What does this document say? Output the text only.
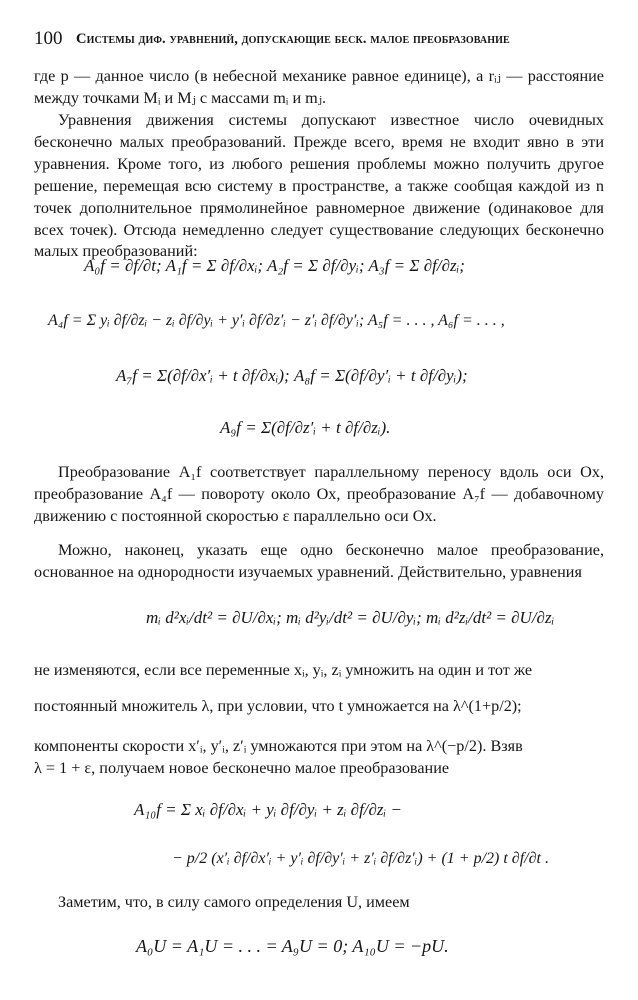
100 Системы диф. уравнений, допускающие беск. малое преобразование

где p — данное число (в небесной механике равное единице), a rᵢⱼ — расстояние между точками Mᵢ и Mⱼ с массами mᵢ и mⱼ.

Уравнения движения системы допускают известное число очевидных бесконечно малых преобразований. Прежде всего, время не входит явно в эти уравнения. Кроме того, из любого решения проблемы можно получить другое решение, перемещая всю систему в пространстве, а также сообщая каждой из n точек дополнительное прямолинейное равномерное движение (одинаковое для всех точек). Отсюда немедленно следует существование следующих бесконечно малых преобразований:

A₀f = ∂f/∂t; A₁f = Σ ∂f/∂xᵢ; A₂f = Σ ∂f/∂yᵢ; A₃f = Σ ∂f/∂zᵢ;
A₄f = Σ yᵢ ∂f/∂zᵢ − zᵢ ∂f/∂yᵢ + y′ᵢ ∂f/∂z′ᵢ − z′ᵢ ∂f/∂y′ᵢ; A₅f = . . . , A₆f = . . . ,
A₇f = Σ(∂f/∂x′ᵢ + t ∂f/∂xᵢ); A₈f = Σ(∂f/∂y′ᵢ + t ∂f/∂yᵢ);
A₉f = Σ(∂f/∂z′ᵢ + t ∂f/∂zᵢ).

Преобразование A₁f соответствует параллельному переносу вдоль оси Ox, преобразование A₄f — повороту около Ox, преобразование A₇f — добавочному движению с постоянной скоростью ε параллельно оси Ox.

Можно, наконец, указать еще одно бесконечно малое преобразование, основанное на однородности изучаемых уравнений. Действительно, уравнения

mᵢ d²xᵢ/dt² = ∂U/∂xᵢ; mᵢ d²yᵢ/dt² = ∂U/∂yᵢ; mᵢ d²zᵢ/dt² = ∂U/∂zᵢ

не изменяются, если все переменные xᵢ, yᵢ, zᵢ умножить на один и тот же

постоянный множитель λ, при условии, что t умножается на λ^(1+p/2);

компоненты скорости x′ᵢ, y′ᵢ, z′ᵢ умножаются при этом на λ^(−p/2). Взяв

λ = 1 + ε, получаем новое бесконечно малое преобразование

A₁₀f = Σ xᵢ ∂f/∂xᵢ + yᵢ ∂f/∂yᵢ + zᵢ ∂f/∂zᵢ −
− p/2 (x′ᵢ ∂f/∂x′ᵢ + y′ᵢ ∂f/∂y′ᵢ + z′ᵢ ∂f/∂z′ᵢ) + (1 + p/2) t ∂f/∂t .

Заметим, что, в силу самого определения U, имеем

A₀U = A₁U = . . . = A₉U = 0; A₁₀U = −pU.
